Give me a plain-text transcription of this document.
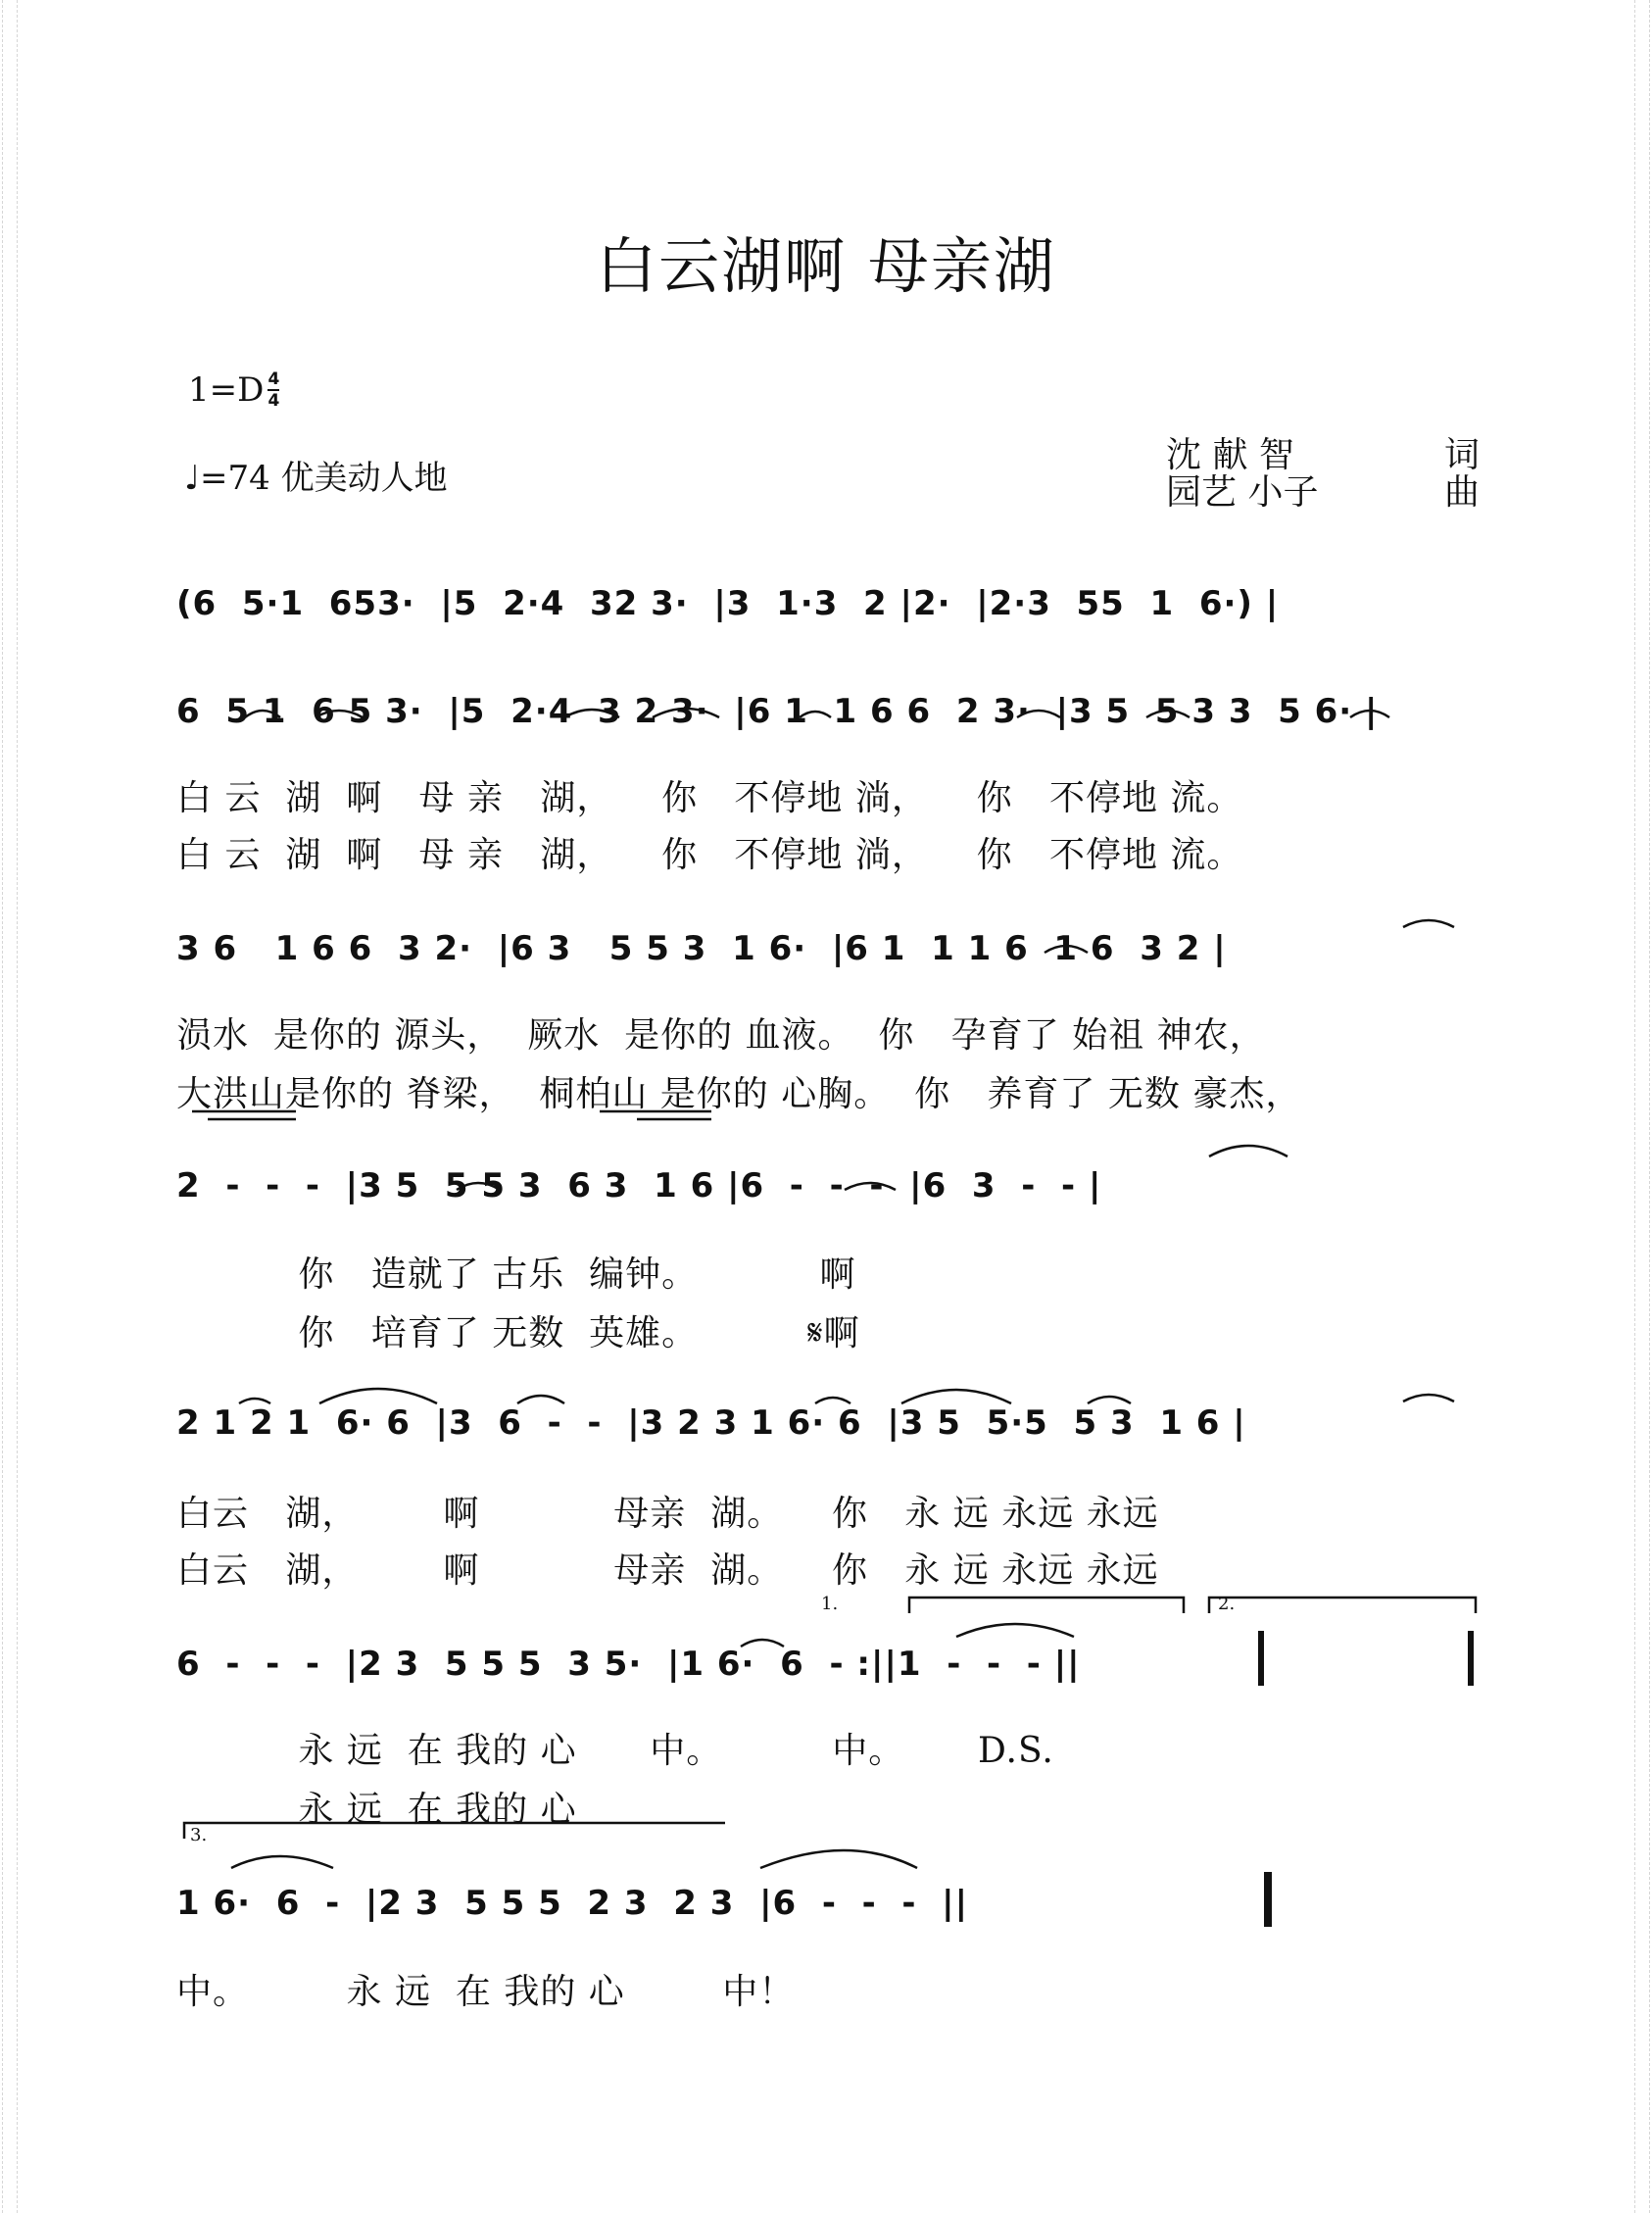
白云湖啊 母亲湖
1=D 4
4
♩=74 优美动人地
沈 献 智	词
园艺 小子	曲
(6  5·1  653·  |5  2·4  32 3·  |3  1·3  2 |2·  |2·3  55  1  6·) |
6  5 1  6 5 3·  |5  2·4  3 2 3·  |6 1  1 6 6  2 3·  |3 5  5 3 3  5 6· |
白 云  湖  啊   母 亲   湖，    你   不停地 淌，    你   不停地 流。
白 云  湖  啊   母 亲   湖，    你   不停地 淌，    你   不停地 流。
3 6   1 6 6  3 2·  |6 3   5 5 3  1 6·  |6 1  1 1 6  1 6  3 2 |
涢水  是你的 源头，  厥水  是你的 血液。  你   孕育了 始祖 神农，
大洪山是你的 脊梁，  桐柏山 是你的 心胸。  你   养育了 无数 豪杰，
2  -  -  -  |3 5  5 5 3  6 3  1 6 |6  -  -  -  |6  3  -  - |
你   造就了 古乐  编钟。          啊
你   培育了 无数  英雄。         𝄋啊
2 1 2 1  6· 6  |3  6  -  -  |3 2 3 1 6· 6  |3 5  5·5  5 3  1 6 |
白云   湖，       啊           母亲  湖。    你   永 远 永远 永远
白云   湖，       啊           母亲  湖。    你   永 远 永远 永远
1.	2.
6  -  -  -  |2 3  5 5 5  3 5·  |1 6·  6  - :||1  -  -  - ||
永 远  在 我的 心      中。         中。      D.S.
永 远  在 我的 心
3.
1 6·  6  -  |2 3  5 5 5  2 3  2 3  |6  -  -  -  ||
中。        永 远  在 我的 心        中！
